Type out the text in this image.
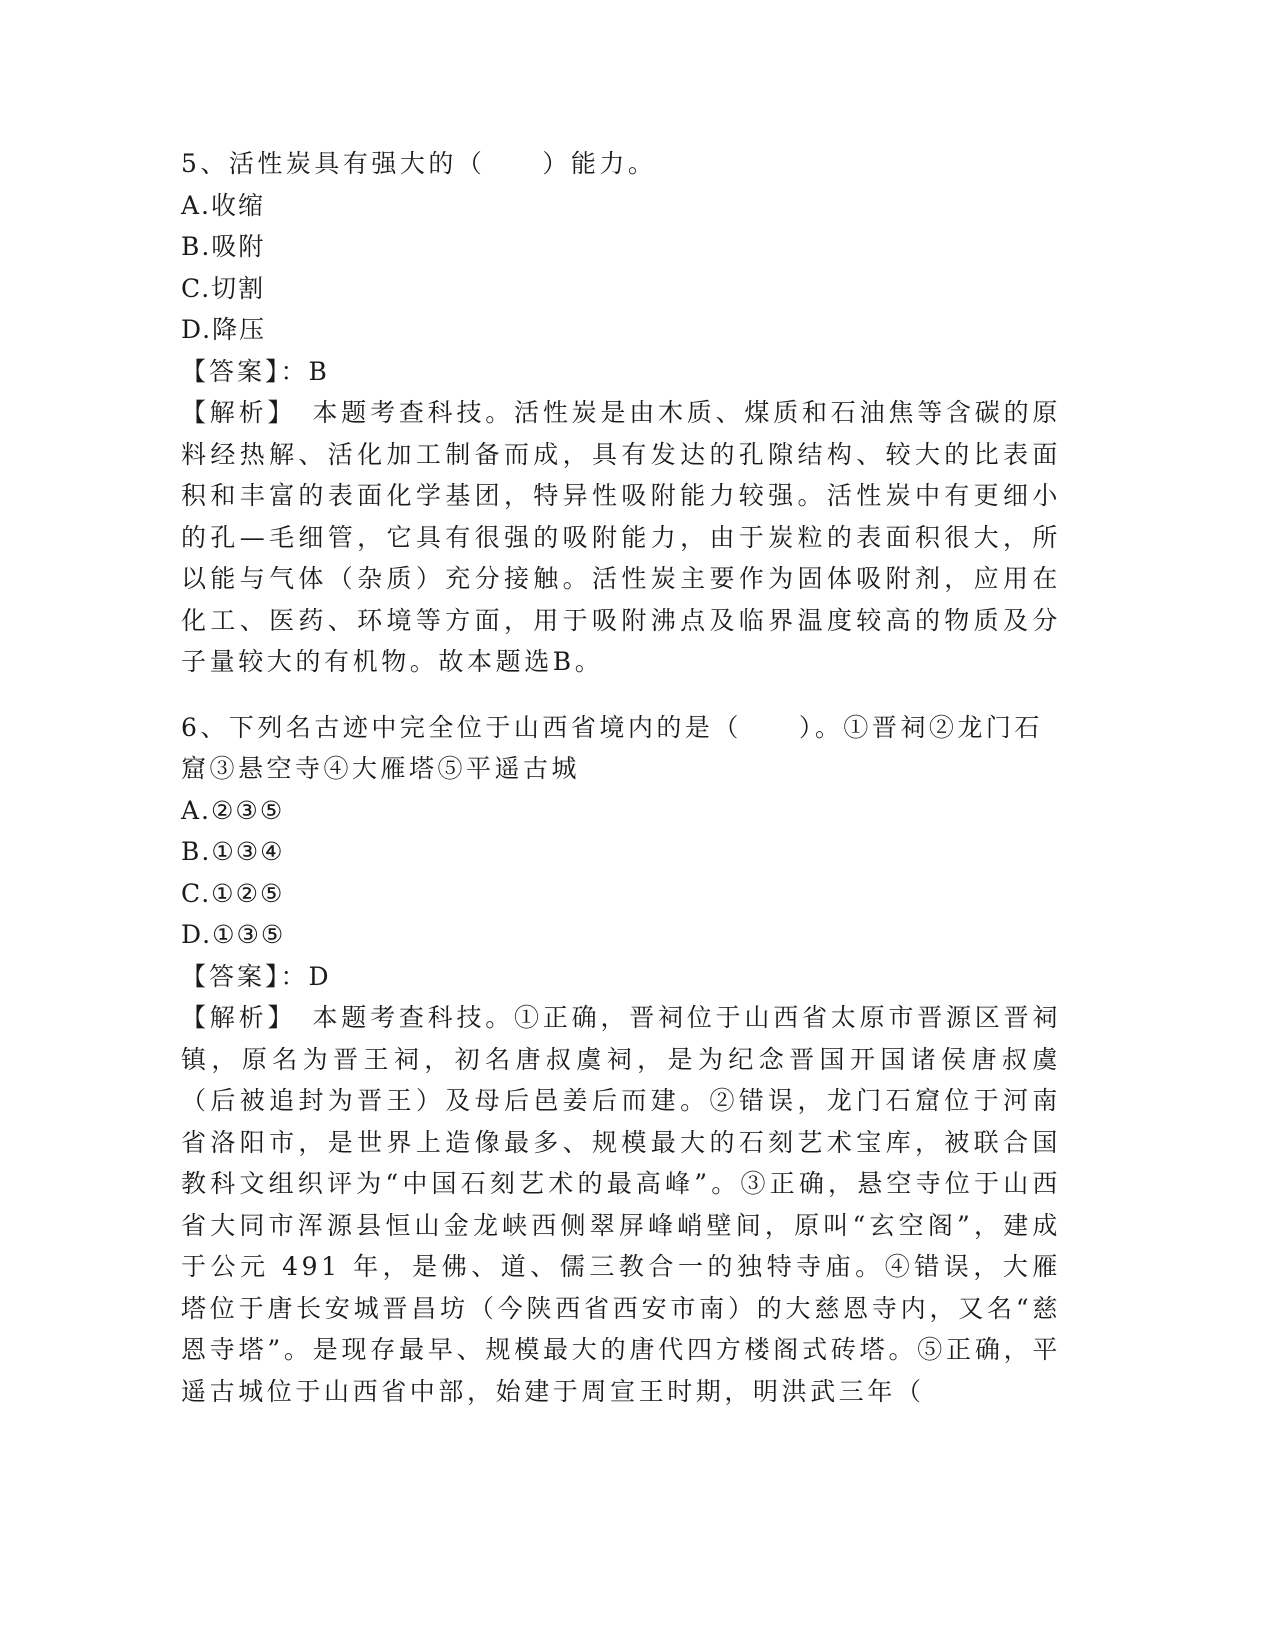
5、活性炭具有强大的（　　）能力。
A.收缩
B.吸附
C.切割
D.降压
【答案】：B

【解析】　 本题考查科技。活性炭是由木质、煤质和石油焦等含碳的原料经热解、活化加工制备而成，具有发达的孔隙结构、较大的比表面积和丰富的表面化学基团，特异性吸附能力较强。活性炭中有更细小的孔—毛细管，它具有很强的吸附能力，由于炭粒的表面积很大，所以能与气体（杂质）充分接触。活性炭主要作为固体吸附剂，应用在化工、医药、环境等方面，用于吸附沸点及临界温度较高的物质及分子量较大的有机物。故本题选B。

6、下列名古迹中完全位于山西省境内的是（　　）。①晋祠②龙门石
窟③悬空寺④大雁塔⑤平遥古城
A.②③⑤
B.①③④
C.①②⑤
D.①③⑤
【答案】：D

【解析】　 本题考查科技。①正确，晋祠位于山西省太原市晋源区晋祠镇，原名为晋王祠，初名唐叔虞祠，是为纪念晋国开国诸侯唐叔虞（后被追封为晋王）及母后邑姜后而建。②错误，龙门石窟位于河南省洛阳市，是世界上造像最多、规模最大的石刻艺术宝库，被联合国教科文组织评为“中国石刻艺术的最高峰”。③正确，悬空寺位于山西省大同市浑源县恒山金龙峡西侧翠屏峰峭壁间，原叫“玄空阁”，建成于公元 491 年，是佛、道、儒三教合一的独特寺庙。④错误，大雁塔位于唐长安城晋昌坊（今陕西省西安市南）的大慈恩寺内，又名“慈恩寺塔”。是现存最早、规模最大的唐代四方楼阁式砖塔。⑤正确，平遥古城位于山西省中部，始建于周宣王时期，明洪武三年（
